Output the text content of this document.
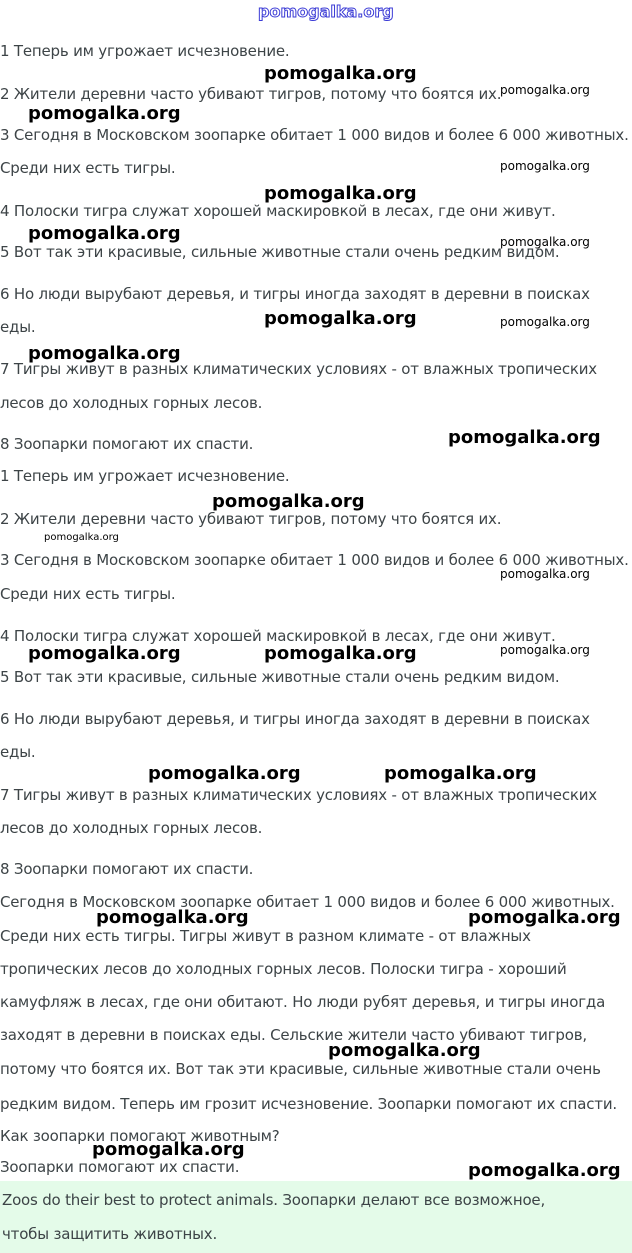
pomogalka.org
1 Теперь им угрожает исчезновение.
2 Жители деревни часто убивают тигров, потому что боятся их.
3 Сегодня в Московском зоопарке обитает 1 000 видов и более 6 000 животных.
Среди них есть тигры.
4 Полоски тигра служат хорошей маскировкой в лесах, где они живут.
5 Вот так эти красивые, сильные животные стали очень редким видом.
6 Но люди вырубают деревья, и тигры иногда заходят в деревни в поисках
еды.
7 Тигры живут в разных климатических условиях - от влажных тропических
лесов до холодных горных лесов.
8 Зоопарки помогают их спасти.
1 Теперь им угрожает исчезновение.
2 Жители деревни часто убивают тигров, потому что боятся их.
3 Сегодня в Московском зоопарке обитает 1 000 видов и более 6 000 животных.
Среди них есть тигры.
4 Полоски тигра служат хорошей маскировкой в лесах, где они живут.
5 Вот так эти красивые, сильные животные стали очень редким видом.
6 Но люди вырубают деревья, и тигры иногда заходят в деревни в поисках
еды.
7 Тигры живут в разных климатических условиях - от влажных тропических
лесов до холодных горных лесов.
8 Зоопарки помогают их спасти.
Сегодня в Московском зоопарке обитает 1 000 видов и более 6 000 животных.
Среди них есть тигры. Тигры живут в разном климате - от влажных
тропических лесов до холодных горных лесов. Полоски тигра - хороший
камуфляж в лесах, где они обитают. Но люди рубят деревья, и тигры иногда
заходят в деревни в поисках еды. Сельские жители часто убивают тигров,
потому что боятся их. Вот так эти красивые, сильные животные стали очень
редким видом. Теперь им грозит исчезновение. Зоопарки помогают их спасти.
Как зоопарки помогают животным?
Зоопарки помогают их спасти.
Zoos do their best to protect animals. Зоопарки делают все возможное,
чтобы защитить животных.
pomogalka.org
pomogalka.org
pomogalka.org
pomogalka.org
pomogalka.org
pomogalka.org	pomogalka.org
pomogalka.org	pomogalka.org
pomogalka.org
pomogalka.org
pomogalka.org
pomogalka.org
pomogalka.org
pomogalka.org
pomogalka.org	pomogalka.org
pomogalka.org	pomogalka.org
pomogalka.org	pomogalka.org
pomogalka.org
pomogalka.org
pomogalka.org
